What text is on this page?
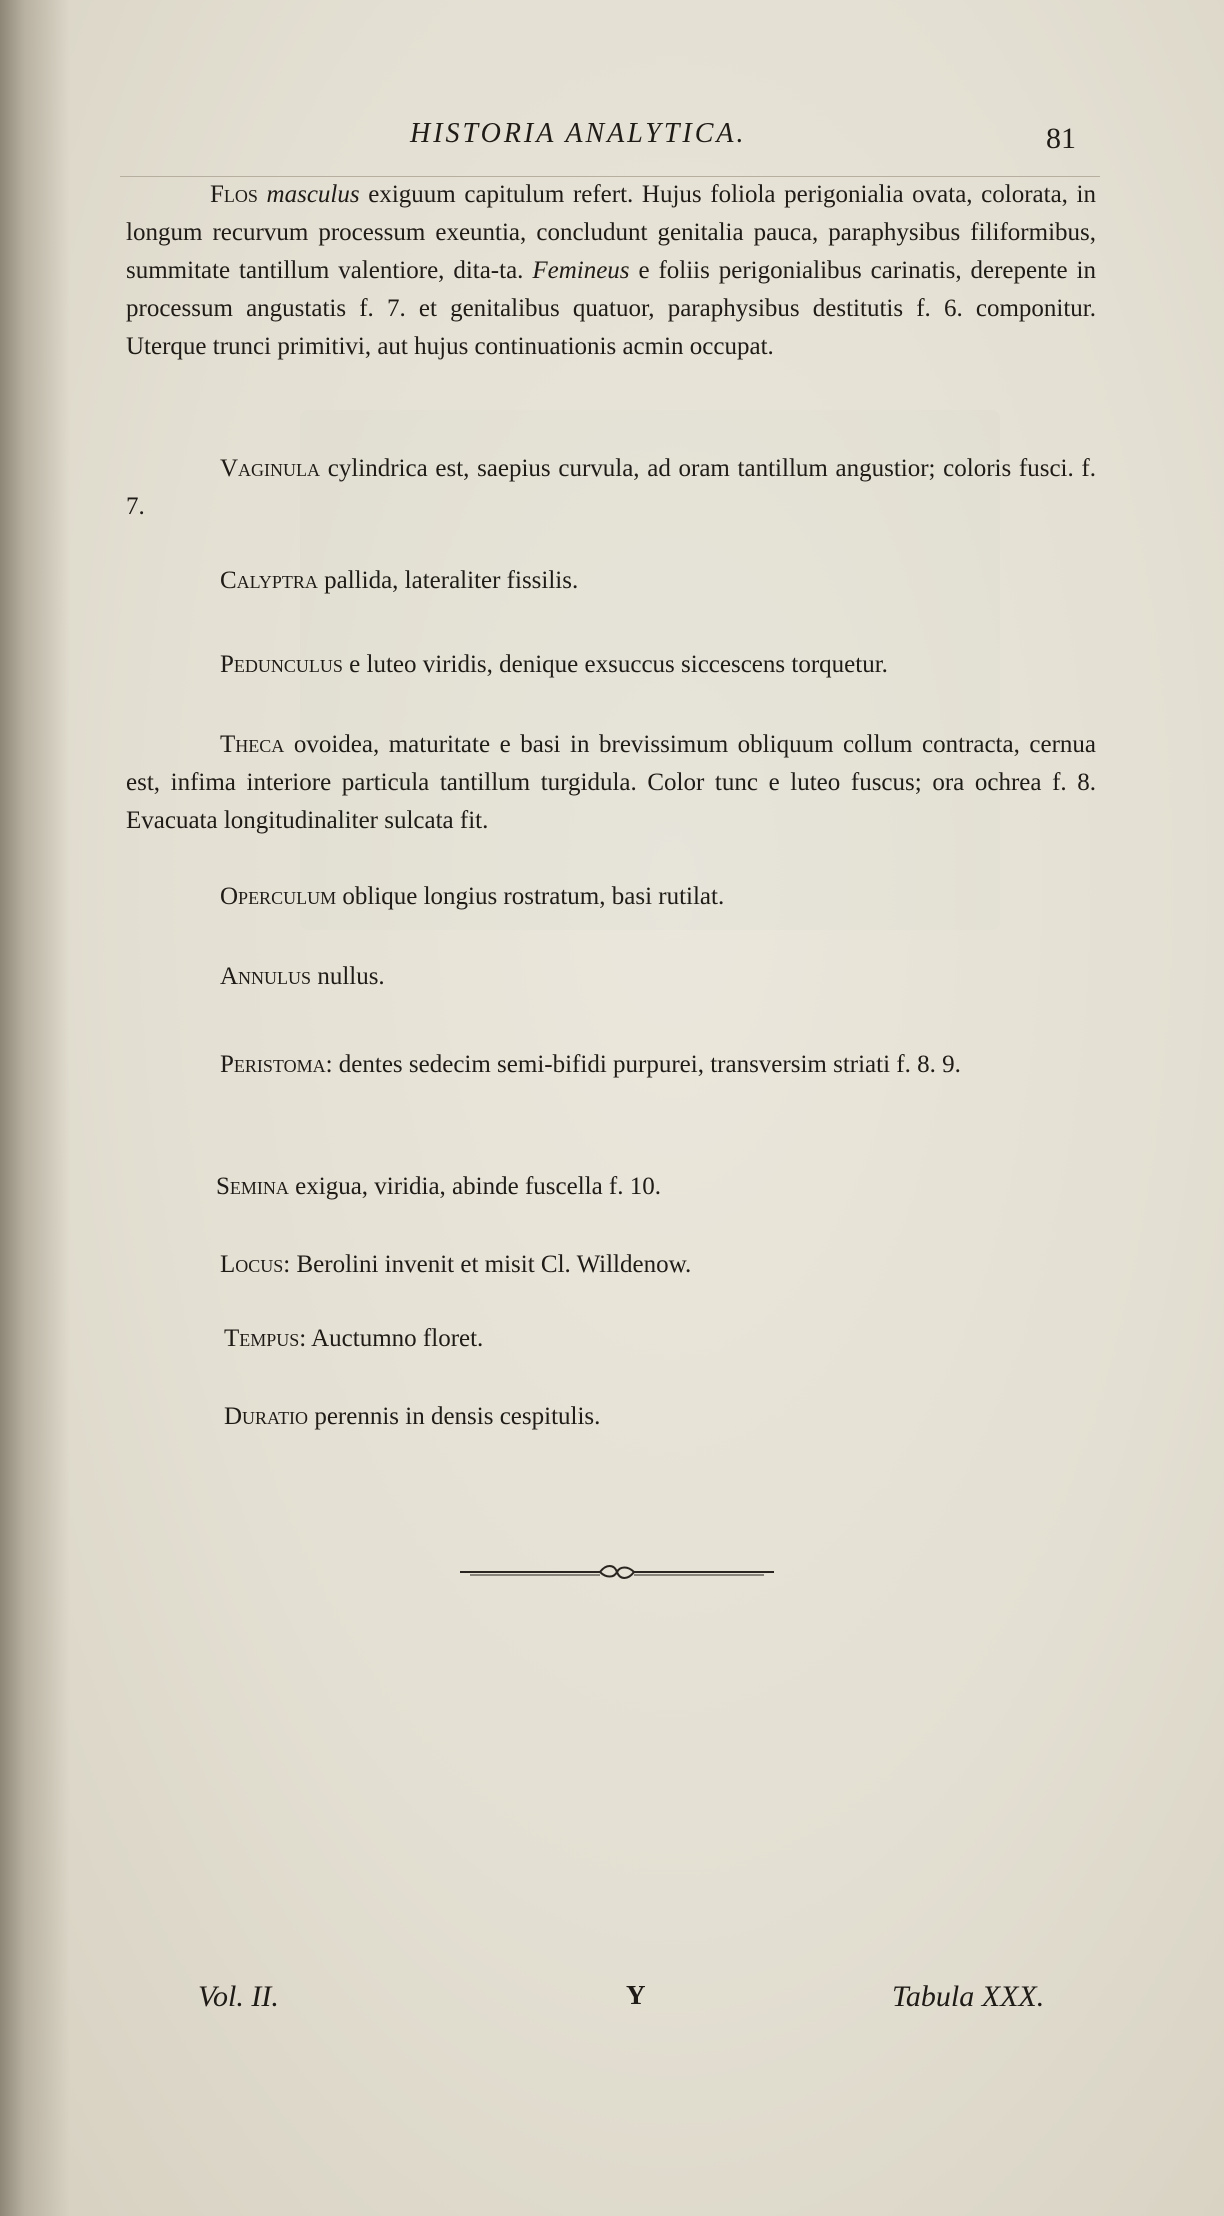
HISTORIA ANALYTICA.	81
Flos masculus exiguum capitulum refert. Hujus foliola perigonialia ovata, colorata, in longum recurvum processum exeuntia, concludunt genitalia pauca, paraphysibus filiformibus, summitate tantillum valentiore, dita-ta. Femineus e foliis perigonialibus carinatis, derepente in processum angustatis f. 7. et genitalibus quatuor, paraphysibus destitutis f. 6. componitur. Uterque trunci primitivi, aut hujus continuationis acmin occupat.
Vaginula cylindrica est, saepius curvula, ad oram tantillum angustior; coloris fusci. f. 7.
Calyptra pallida, lateraliter fissilis.
Pedunculus e luteo viridis, denique exsuccus siccescens torquetur.
Theca ovoidea, maturitate e basi in brevissimum obliquum collum contracta, cernua est, infima interiore particula tantillum turgidula. Color tunc e luteo fuscus; ora ochrea f. 8. Evacuata longitudinaliter sulcata fit.
Operculum oblique longius rostratum, basi rutilat.
Annulus nullus.
Peristoma: dentes sedecim semi-bifidi purpurei, transversim striati f. 8. 9.
Semina exigua, viridia, abinde fuscella f. 10.
Locus: Berolini invenit et misit Cl. Willdenow.
Tempus: Auctumno floret.
Duratio perennis in densis cespitulis.
Vol. II.	Y	Tabula XXX.
